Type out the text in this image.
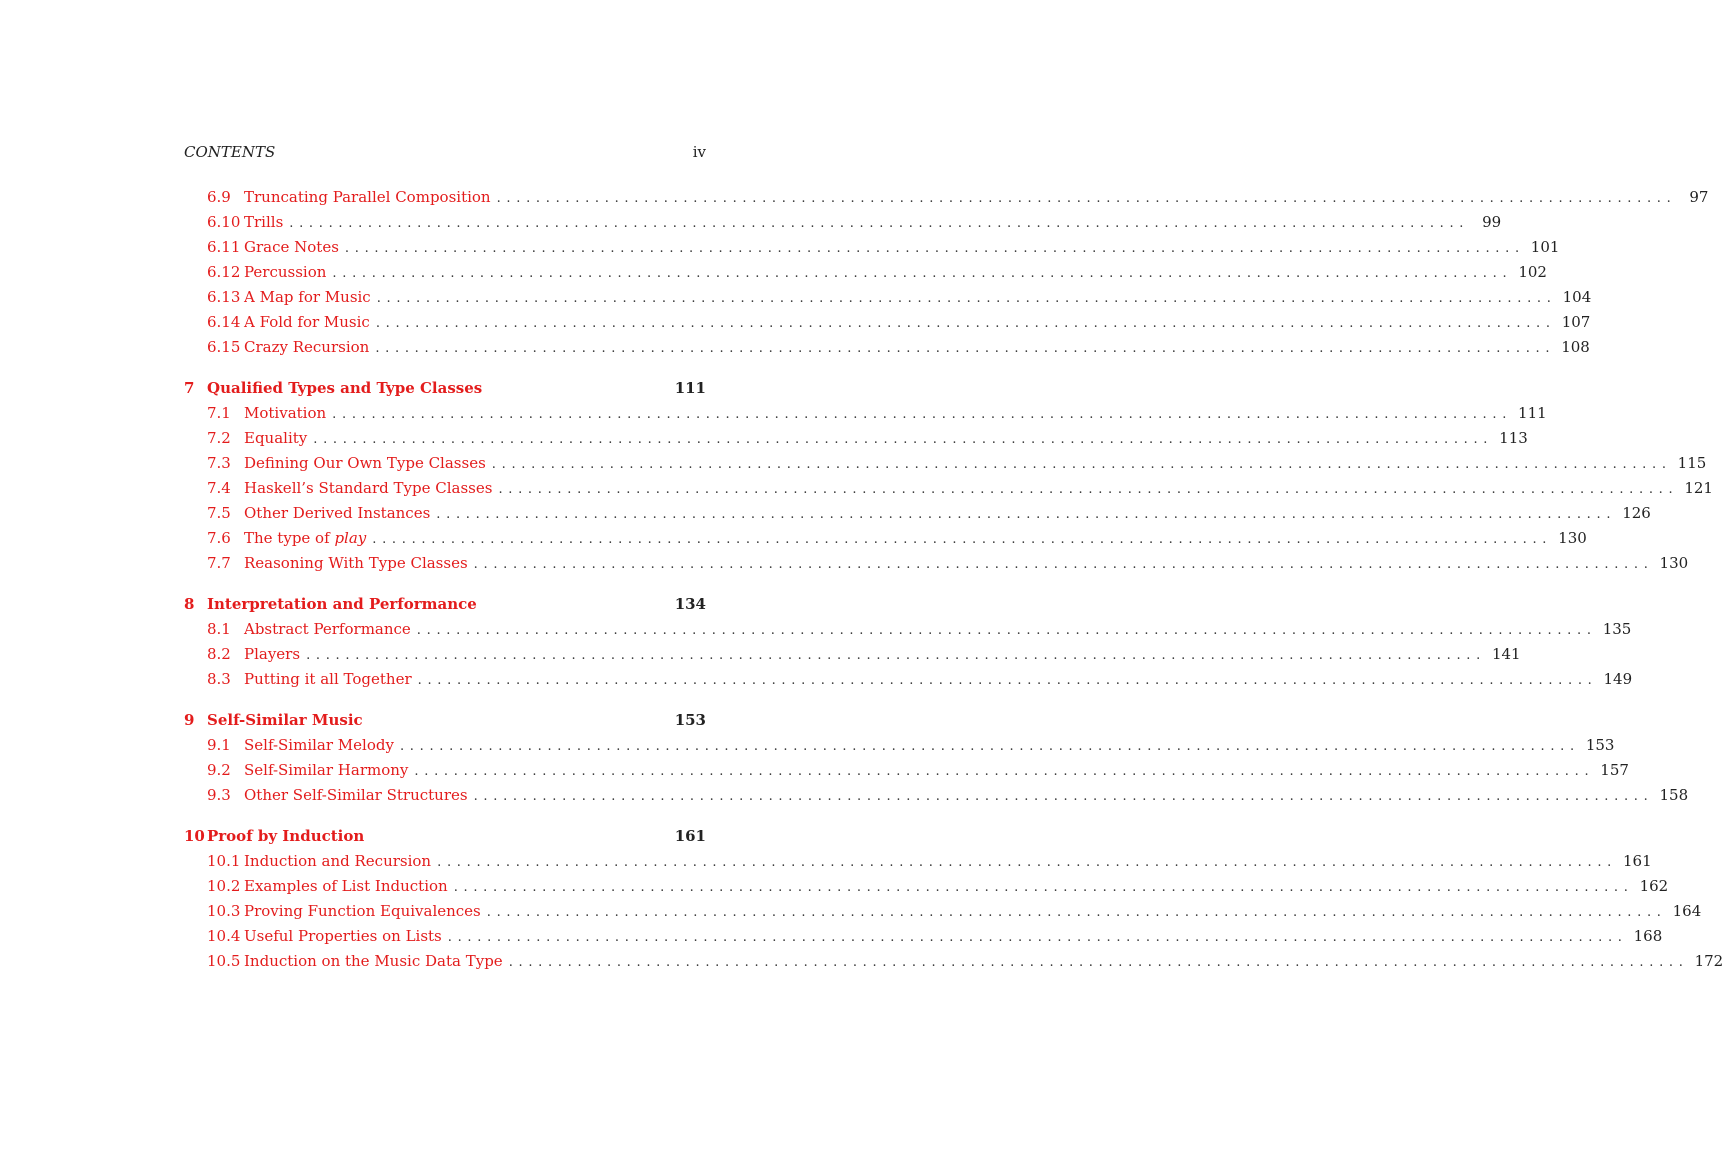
CONTENTS	iv
6.9 Truncating Parallel Composition ........................................................................................................................ 97
6.10 Trills ........................................................................................................................ 99
6.11 Grace Notes ........................................................................................................................ 101
6.12 Percussion ........................................................................................................................ 102
6.13 A Map for Music ........................................................................................................................ 104
6.14 A Fold for Music ........................................................................................................................ 107
6.15 Crazy Recursion ........................................................................................................................ 108
7 Qualified Types and Type Classes	111
7.1 Motivation ........................................................................................................................ 111
7.2 Equality ........................................................................................................................ 113
7.3 Defining Our Own Type Classes ........................................................................................................................ 115
7.4 Haskell’s Standard Type Classes ........................................................................................................................ 121
7.5 Other Derived Instances ........................................................................................................................ 126
7.6 The type of play ........................................................................................................................ 130
7.7 Reasoning With Type Classes ........................................................................................................................ 130
8 Interpretation and Performance	134
8.1 Abstract Performance ........................................................................................................................ 135
8.2 Players ........................................................................................................................ 141
8.3 Putting it all Together ........................................................................................................................ 149
9 Self-Similar Music	153
9.1 Self-Similar Melody ........................................................................................................................ 153
9.2 Self-Similar Harmony ........................................................................................................................ 157
9.3 Other Self-Similar Structures ........................................................................................................................ 158
10 Proof by Induction	161
10.1 Induction and Recursion ........................................................................................................................ 161
10.2 Examples of List Induction ........................................................................................................................ 162
10.3 Proving Function Equivalences ........................................................................................................................ 164
10.4 Useful Properties on Lists ........................................................................................................................ 168
10.5 Induction on the Music Data Type ........................................................................................................................ 172
